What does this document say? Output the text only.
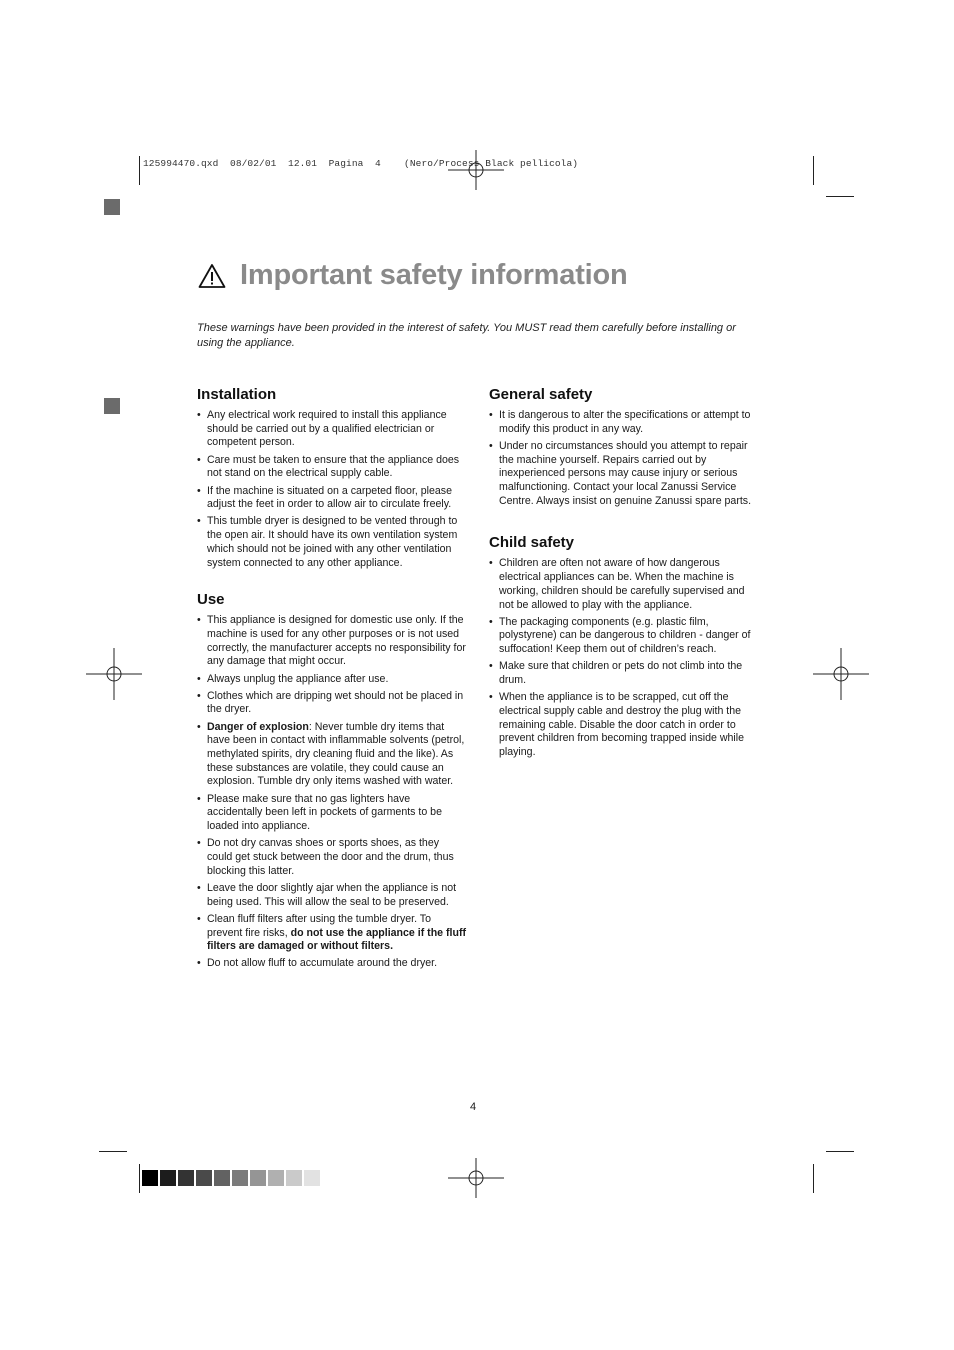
125994470.qxd  08/02/01  12.01  Pagina  4    (Nero/Process Black pellicola)
Important safety information
These warnings have been provided in the interest of safety. You MUST read them carefully before installing or using the appliance.
Installation
• Any electrical work required to install this appliance should be carried out by a qualified electrician or competent person.
• Care must be taken to ensure that the appliance does not stand on the electrical supply cable.
• If the machine is situated on a carpeted floor, please adjust the feet in order to allow air to circulate freely.
• This tumble dryer is designed to be vented through to the open air. It should have its own ventilation system which should not be joined with any other ventilation system connected to any other appliance.
Use
• This appliance is designed for domestic use only. If the machine is used for any other purposes or is not used correctly, the manufacturer accepts no responsibility for any damage that might occur.
• Always unplug the appliance after use.
• Clothes which are dripping wet should not be placed in the dryer.
• Danger of explosion: Never tumble dry items that have been in contact with inflammable solvents (petrol, methylated spirits, dry cleaning fluid and the like). As these substances are volatile, they could cause an explosion. Tumble dry only items washed with water.
• Please make sure that no gas lighters have accidentally been left in pockets of garments to be loaded into appliance.
• Do not dry canvas shoes or sports shoes, as they could get stuck between the door and the drum, thus blocking this latter.
• Leave the door slightly ajar when the appliance is not being used. This will allow the seal to be preserved.
• Clean fluff filters after using the tumble dryer. To prevent fire risks, do not use the appliance if the fluff filters are damaged or without filters.
• Do not allow fluff to accumulate around the dryer.
General safety
• It is dangerous to alter the specifications or attempt to modify this product in any way.
• Under no circumstances should you attempt to repair the machine yourself. Repairs carried out by inexperienced persons may cause injury or serious malfunctioning. Contact your local Zanussi Service Centre. Always insist on genuine Zanussi spare parts.
Child safety
• Children are often not aware of how dangerous electrical appliances can be. When the machine is working, children should be carefully supervised and not be allowed to play with the appliance.
• The packaging components (e.g. plastic film, polystyrene) can be dangerous to children - danger of suffocation! Keep them out of children’s reach.
• Make sure that children or pets do not climb into the drum.
• When the appliance is to be scrapped, cut off the electrical supply cable and destroy the plug with the remaining cable. Disable the door catch in order to prevent children from becoming trapped inside while playing.
4
